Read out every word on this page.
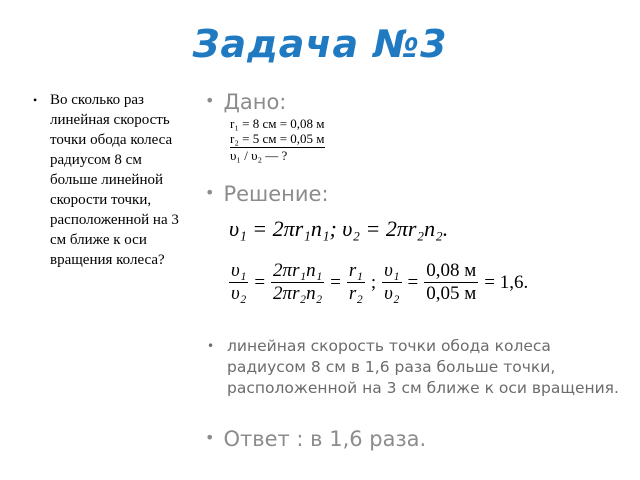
Задача №3
• Во сколько раз линейная скорость точки обода колеса радиусом 8 см больше линейной скорости точки, расположенной на 3 см ближе к оси вращения колеса?
• Дано:
r₁ = 8 см = 0,08 м
r₂ = 5 см = 0,05 м
υ₁ / υ₂ — ?
• Решение:
υ₁ = 2πr₁n₁; υ₂ = 2πr₂n₂.
$\frac{\text{υ₁}}{\text{υ₂}} = \frac{\text{2πr₁n₁}}{\text{2πr₂n₂}} = \frac{\text{r₁}}{\text{r₂}}$ ; $\frac{\text{υ₁}}{\text{υ₂}} = \frac{0,08 м}{0,05 м} = 1,6$.
• линейная скорость точки обода колеса радиусом 8 см в 1,6 раза больше точки, расположенной на 3 см ближе к оси вращения.
• Ответ : в 1,6 раза.
